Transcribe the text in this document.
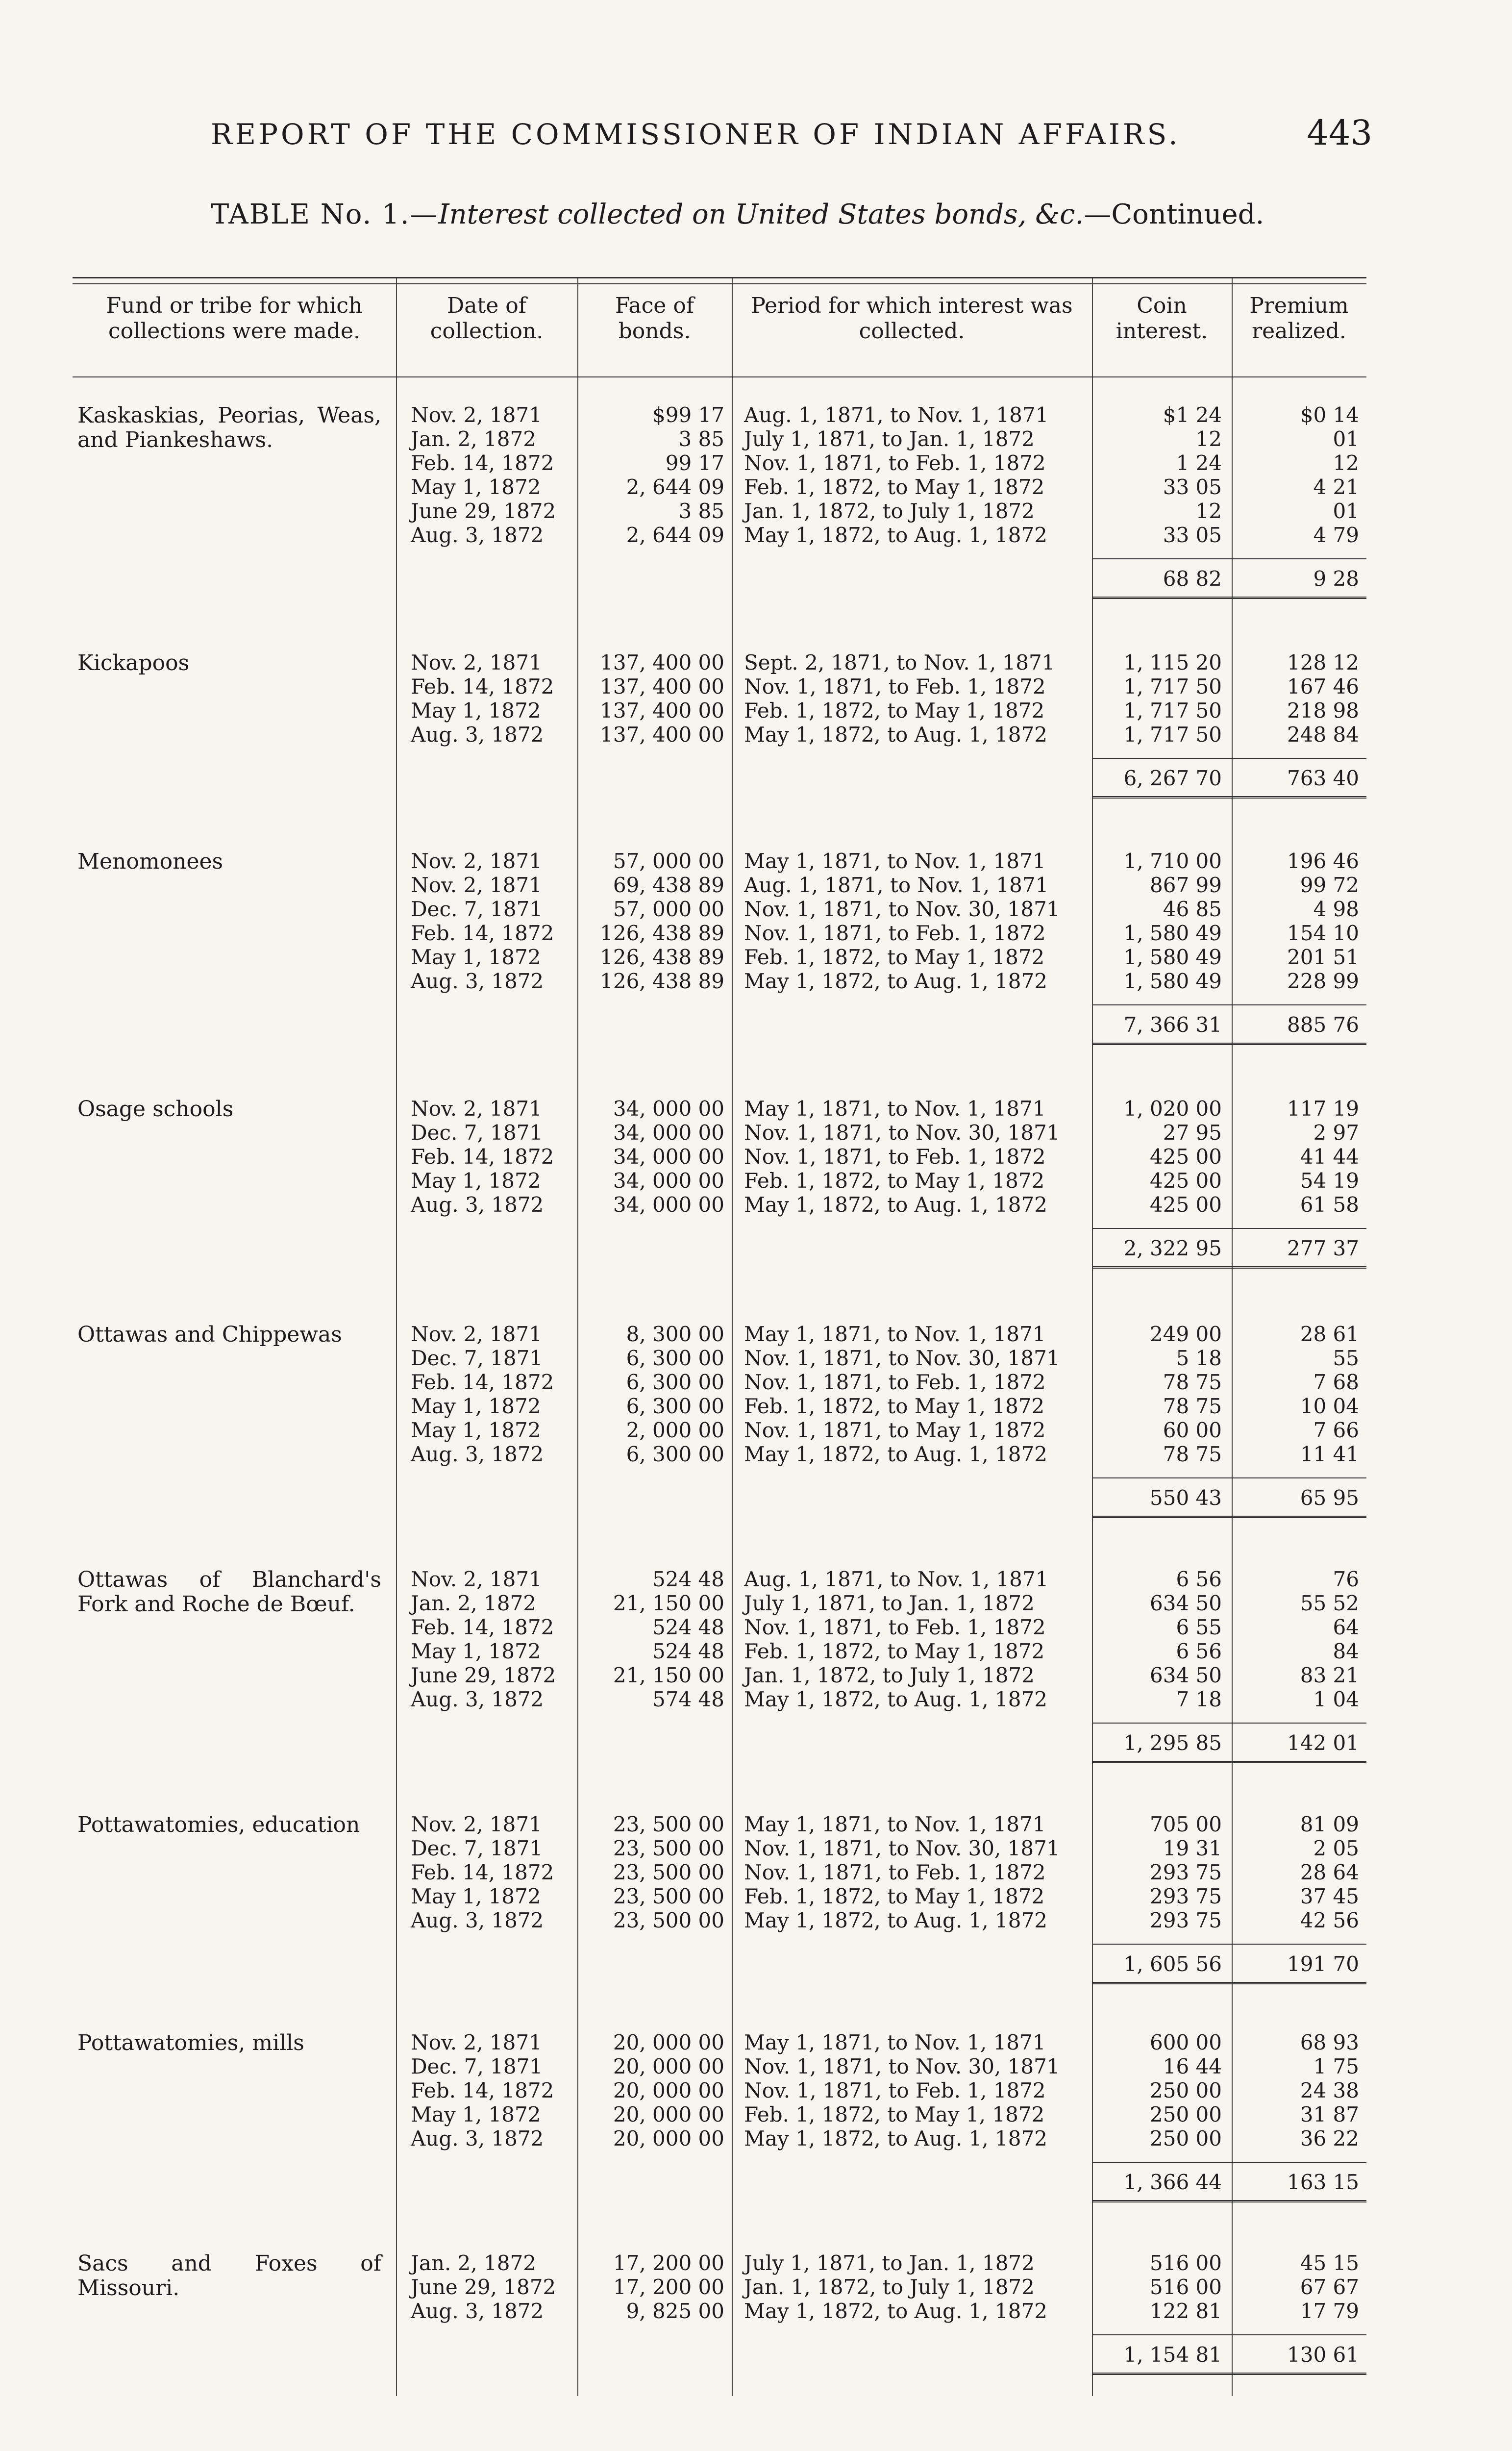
REPORT OF THE COMMISSIONER OF INDIAN AFFAIRS.	443
TABLE No. 1.—Interest collected on United States bonds, &c.—Continued.
Fund or tribe for which collections were made.
Date of collection.
Face of bonds.
Period for which interest was collected.
Coin interest.
Premium realized.
Kaskaskias, Peorias, Weas, and Piankeshaws.
Nov. 2, 1871	$99 17 Aug. 1, 1871, to Nov. 1, 1871	$1 24	$0 14
Jan. 2, 1872	3 85 July 1, 1871, to Jan. 1, 1872	12	01
Feb. 14, 1872	99 17 Nov. 1, 1871, to Feb. 1, 1872	1 24	12
May 1, 1872	2, 644 09 Feb. 1, 1872, to May 1, 1872	33 05	4 21
June 29, 1872	3 85 Jan. 1, 1872, to July 1, 1872	12	01
Aug. 3, 1872	2, 644 09 May 1, 1872, to Aug. 1, 1872	33 05	4 79
68 82	9 28
Kickapoos	Nov. 2, 1871	137, 400 00 Sept. 2, 1871, to Nov. 1, 1871	1, 115 20	128 12
Feb. 14, 1872	137, 400 00 Nov. 1, 1871, to Feb. 1, 1872	1, 717 50	167 46
May 1, 1872	137, 400 00 Feb. 1, 1872, to May 1, 1872	1, 717 50	218 98
Aug. 3, 1872	137, 400 00 May 1, 1872, to Aug. 1, 1872	1, 717 50	248 84
6, 267 70	763 40
Menomonees	Nov. 2, 1871	57, 000 00 May 1, 1871, to Nov. 1, 1871	1, 710 00	196 46
Nov. 2, 1871	69, 438 89 Aug. 1, 1871, to Nov. 1, 1871	867 99	99 72
Dec. 7, 1871	57, 000 00 Nov. 1, 1871, to Nov. 30, 1871	46 85	4 98
Feb. 14, 1872	126, 438 89 Nov. 1, 1871, to Feb. 1, 1872	1, 580 49	154 10
May 1, 1872	126, 438 89 Feb. 1, 1872, to May 1, 1872	1, 580 49	201 51
Aug. 3, 1872	126, 438 89 May 1, 1872, to Aug. 1, 1872	1, 580 49	228 99
7, 366 31	885 76
Osage schools	Nov. 2, 1871	34, 000 00 May 1, 1871, to Nov. 1, 1871	1, 020 00	117 19
Dec. 7, 1871	34, 000 00 Nov. 1, 1871, to Nov. 30, 1871	27 95	2 97
Feb. 14, 1872	34, 000 00 Nov. 1, 1871, to Feb. 1, 1872	425 00	41 44
May 1, 1872	34, 000 00 Feb. 1, 1872, to May 1, 1872	425 00	54 19
Aug. 3, 1872	34, 000 00 May 1, 1872, to Aug. 1, 1872	425 00	61 58
2, 322 95	277 37
Ottawas and Chippewas	Nov. 2, 1871	8, 300 00 May 1, 1871, to Nov. 1, 1871	249 00	28 61
Dec. 7, 1871	6, 300 00 Nov. 1, 1871, to Nov. 30, 1871	5 18	55
Feb. 14, 1872	6, 300 00 Nov. 1, 1871, to Feb. 1, 1872	78 75	7 68
May 1, 1872	6, 300 00 Feb. 1, 1872, to May 1, 1872	78 75	10 04
May 1, 1872	2, 000 00 Nov. 1, 1871, to May 1, 1872	60 00	7 66
Aug. 3, 1872	6, 300 00 May 1, 1872, to Aug. 1, 1872	78 75	11 41
550 43	65 95
Ottawas of Blanchard's Fork and Roche de Bœuf.
Nov. 2, 1871	524 48 Aug. 1, 1871, to Nov. 1, 1871	6 56	76
Jan. 2, 1872	21, 150 00 July 1, 1871, to Jan. 1, 1872	634 50	55 52
Feb. 14, 1872	524 48 Nov. 1, 1871, to Feb. 1, 1872	6 55	64
May 1, 1872	524 48 Feb. 1, 1872, to May 1, 1872	6 56	84
June 29, 1872	21, 150 00 Jan. 1, 1872, to July 1, 1872	634 50	83 21
Aug. 3, 1872	574 48 May 1, 1872, to Aug. 1, 1872	7 18	1 04
1, 295 85	142 01
Pottawatomies, education	Nov. 2, 1871	23, 500 00 May 1, 1871, to Nov. 1, 1871	705 00	81 09
Dec. 7, 1871	23, 500 00 Nov. 1, 1871, to Nov. 30, 1871	19 31	2 05
Feb. 14, 1872	23, 500 00 Nov. 1, 1871, to Feb. 1, 1872	293 75	28 64
May 1, 1872	23, 500 00 Feb. 1, 1872, to May 1, 1872	293 75	37 45
Aug. 3, 1872	23, 500 00 May 1, 1872, to Aug. 1, 1872	293 75	42 56
1, 605 56	191 70
Pottawatomies, mills	Nov. 2, 1871	20, 000 00 May 1, 1871, to Nov. 1, 1871	600 00	68 93
Dec. 7, 1871	20, 000 00 Nov. 1, 1871, to Nov. 30, 1871	16 44	1 75
Feb. 14, 1872	20, 000 00 Nov. 1, 1871, to Feb. 1, 1872	250 00	24 38
May 1, 1872	20, 000 00 Feb. 1, 1872, to May 1, 1872	250 00	31 87
Aug. 3, 1872	20, 000 00 May 1, 1872, to Aug. 1, 1872	250 00	36 22
1, 366 44	163 15
Sacs and Foxes of Missouri.
Jan. 2, 1872	17, 200 00 July 1, 1871, to Jan. 1, 1872	516 00	45 15
June 29, 1872	17, 200 00 Jan. 1, 1872, to July 1, 1872	516 00	67 67
Aug. 3, 1872	9, 825 00 May 1, 1872, to Aug. 1, 1872	122 81	17 79
1, 154 81	130 61
